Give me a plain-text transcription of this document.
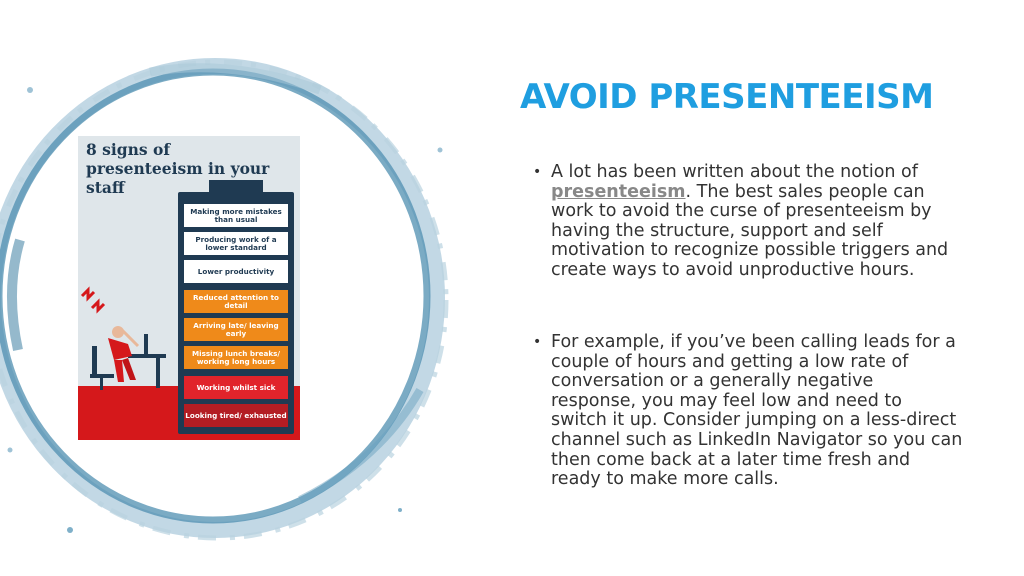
8 signs of presenteeism in your staff
Making more mistakes than usual
Producing work of a lower standard
Lower productivity
Reduced attention to detail
Arriving late/ leaving early
Missing lunch breaks/ working long hours
Working whilst sick
Looking tired/ exhausted
AVOID PRESENTEEISM
• A lot has been written about the notion of presenteeism. The best sales people can work to avoid the curse of presenteeism by having the structure, support and self motivation to recognize possible triggers and create ways to avoid unproductive hours.
• For example, if you’ve been calling leads for a couple of hours and getting a low rate of conversation or a generally negative response, you may feel low and need to switch it up. Consider jumping on a less-direct channel such as LinkedIn Navigator so you can then come back at a later time fresh and ready to make more calls.
